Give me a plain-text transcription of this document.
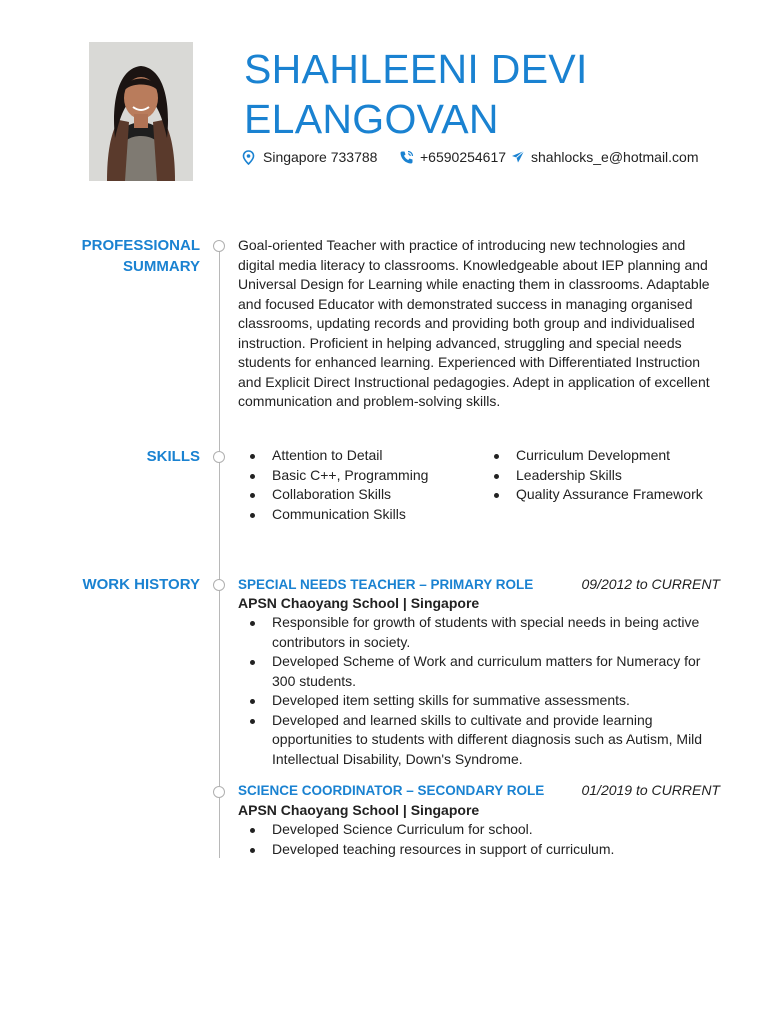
SHAHLEENI DEVI
ELANGOVAN
Singapore 733788	+6590254617 shahlocks_e@hotmail.com
PROFESSIONAL
SUMMARY

Goal-oriented Teacher with practice of introducing new technologies and digital media literacy to classrooms. Knowledgeable about IEP planning and Universal Design for Learning while enacting them in classrooms. Adaptable and focused Educator with demonstrated success in managing organised classrooms, updating records and providing both group and individualised instruction. Proficient in helping advanced, struggling and special needs students for enhanced learning. Experienced with Differentiated Instruction and Explicit Direct Instructional pedagogies. Adept in application of excellent communication and problem-solving skills.

SKILLS	Attention to Detail
Basic C++, Programming
Collaboration Skills
Communication Skills
Curriculum Development
Leadership Skills
Quality Assurance Framework
WORK HISTORY	SPECIAL NEEDS TEACHER – PRIMARY ROLE	09/2012 to CURRENT
APSN Chaoyang School | Singapore
Responsible for growth of students with special needs in being active contributors in society.
Developed Scheme of Work and curriculum matters for Numeracy for 300 students.
Developed item setting skills for summative assessments.
Developed and learned skills to cultivate and provide learning opportunities to students with different diagnosis such as Autism, Mild Intellectual Disability, Down's Syndrome.
SCIENCE COORDINATOR – SECONDARY ROLE	01/2019 to CURRENT
APSN Chaoyang School | Singapore
Developed Science Curriculum for school.
Developed teaching resources in support of curriculum.
